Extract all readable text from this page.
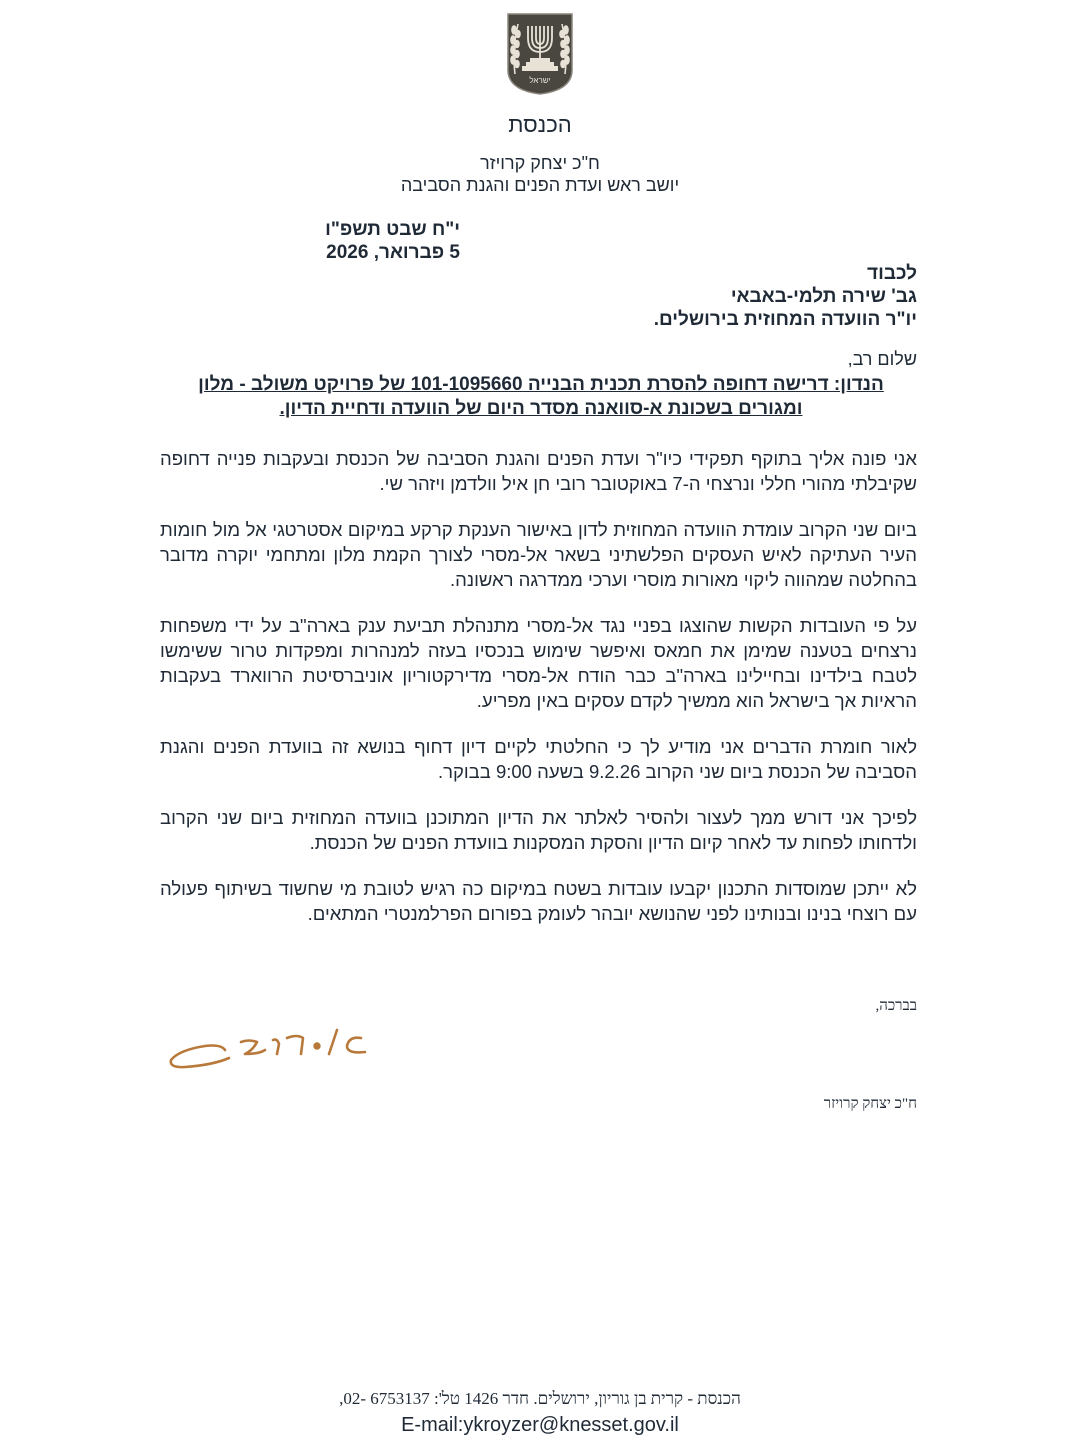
ישראל
הכנסת
ח"כ יצחק קרויזר
יושב ראש ועדת הפנים והגנת הסביבה
י"ח שבט תשפ"ו
5 פברואר, 2026
לכבוד
גב' שירה תלמי-באבאי
יו"ר הוועדה המחוזית בירושלים.
שלום רב,
הנדון: דרישה דחופה להסרת תכנית הבנייה 101-1095660 של פרויקט משולב - מלון
ומגורים בשכונת א-סוואנה מסדר היום של הוועדה ודחיית הדיון.

אני פונה אליך בתוקף תפקידי כיו"ר ועדת הפנים והגנת הסביבה של הכנסת ובעקבות פנייה דחופה שקיבלתי מהורי חללי ונרצחי ה-7 באוקטובר רובי חן איל וולדמן ויזהר שי.

ביום שני הקרוב עומדת הוועדה המחוזית לדון באישור הענקת קרקע במיקום אסטרטגי אל מול חומות העיר העתיקה לאיש העסקים הפלשתיני בשאר אל-מסרי לצורך הקמת מלון ומתחמי יוקרה מדובר בהחלטה שמהווה ליקוי מאורות מוסרי וערכי ממדרגה ראשונה.

על פי העובדות הקשות שהוצגו בפניי נגד אל-מסרי מתנהלת תביעת ענק בארה"ב על ידי משפחות נרצחים בטענה שמימן את חמאס ואיפשר שימוש בנכסיו בעזה למנהרות ומפקדות טרור ששימשו לטבח בילדינו ובחיילינו בארה"ב כבר הודח אל-מסרי מדירקטוריון אוניברסיטת הרווארד בעקבות הראיות אך בישראל הוא ממשיך לקדם עסקים באין מפריע.

לאור חומרת הדברים אני מודיע לך כי החלטתי לקיים דיון דחוף בנושא זה בוועדת הפנים והגנת הסביבה של הכנסת ביום שני הקרוב 9.2.26 בשעה 9:00 בבוקר.

לפיכך אני דורש ממך לעצור ולהסיר לאלתר את הדיון המתוכנן בוועדה המחוזית ביום שני הקרוב ולדחותו לפחות עד לאחר קיום הדיון והסקת המסקנות בוועדת הפנים של הכנסת.

לא ייתכן שמוסדות התכנון יקבעו עובדות בשטח במיקום כה רגיש לטובת מי שחשוד בשיתוף פעולה עם רוצחי בנינו ובנותינו לפני שהנושא יובהר לעומק בפורום הפרלמנטרי המתאים.

בברכה,
ח"כ יצחק קרויזר
הכנסת - קרית בן גוריון, ירושלים. חדר 1426 טל': 6753137 -02,
E-mail:ykroyzer@knesset.gov.il
